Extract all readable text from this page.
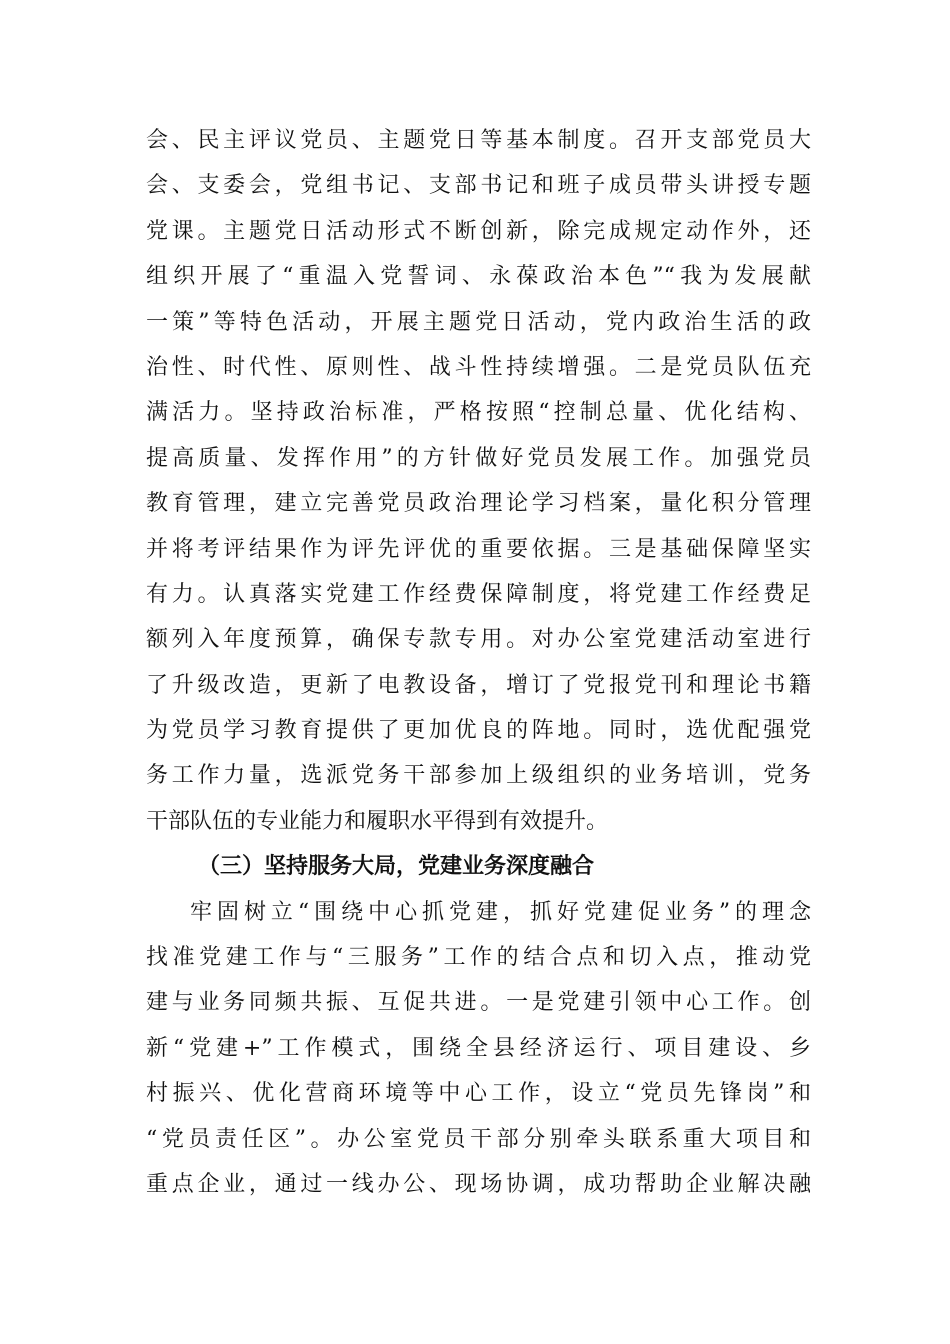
会、民主评议党员、主题党日等基本制度。召开支部党员大
会、支委会，党组书记、支部书记和班子成员带头讲授专题
党课。主题党日活动形式不断创新，除完成规定动作外，还
组织开展了“重温入党誓词、永葆政治本色”“我为发展献
一策”等特色活动，开展主题党日活动，党内政治生活的政
治性、时代性、原则性、战斗性持续增强。二是党员队伍充
满活力。坚持政治标准，严格按照“控制总量、优化结构、
提高质量、发挥作用”的方针做好党员发展工作。加强党员
教育管理，建立完善党员政治理论学习档案，量化积分管理
并将考评结果作为评先评优的重要依据。三是基础保障坚实
有力。认真落实党建工作经费保障制度，将党建工作经费足
额列入年度预算，确保专款专用。对办公室党建活动室进行
了升级改造，更新了电教设备，增订了党报党刊和理论书籍
为党员学习教育提供了更加优良的阵地。同时，选优配强党
务工作力量，选派党务干部参加上级组织的业务培训，党务
干部队伍的专业能力和履职水平得到有效提升。
（三）坚持服务大局，党建业务深度融合
牢固树立“围绕中心抓党建，抓好党建促业务”的理念
找准党建工作与“三服务”工作的结合点和切入点，推动党
建与业务同频共振、互促共进。一是党建引领中心工作。创
新“党建+”工作模式，围绕全县经济运行、项目建设、乡
村振兴、优化营商环境等中心工作，设立“党员先锋岗”和
“党员责任区”。办公室党员干部分别牵头联系重大项目和
重点企业，通过一线办公、现场协调，成功帮助企业解决融
